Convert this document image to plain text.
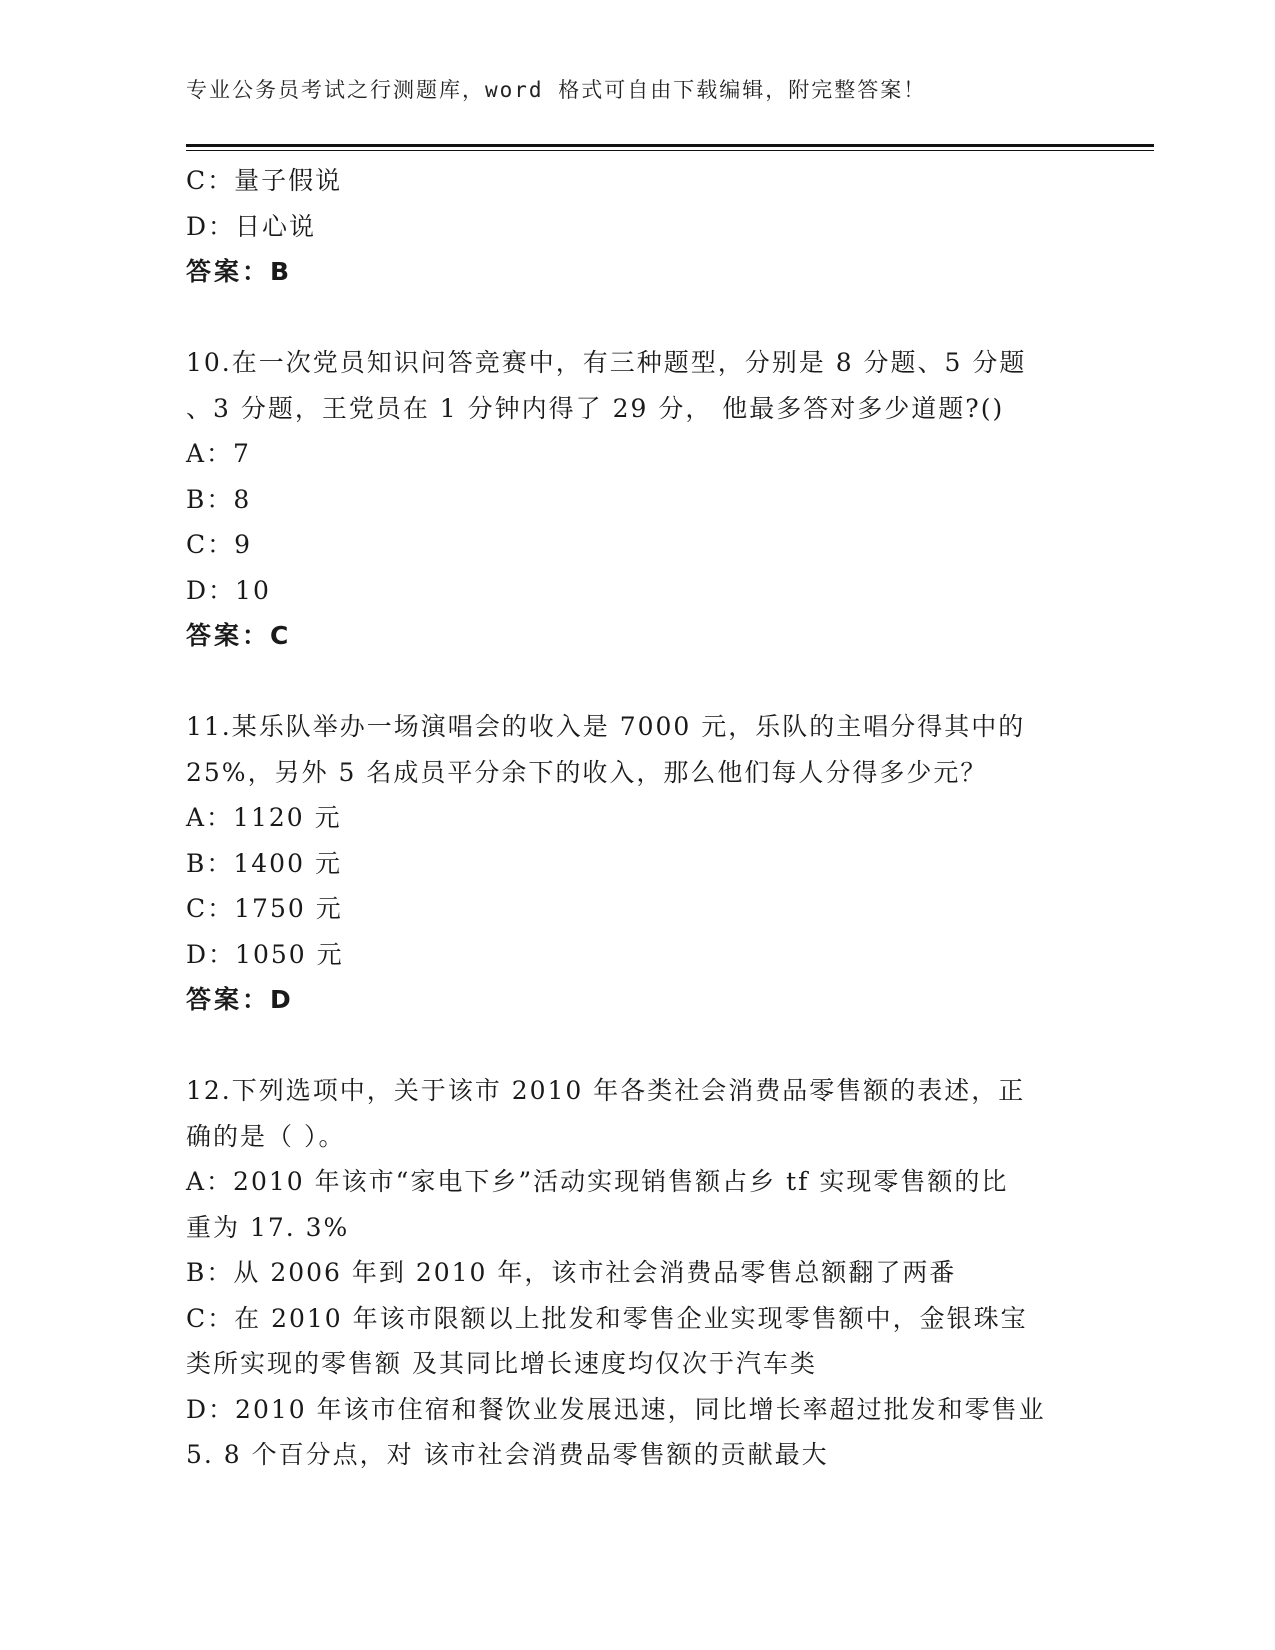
专业公务员考试之行测题库，word 格式可自由下载编辑，附完整答案！
C：量子假说
D：日心说
答案：B
10.在一次党员知识问答竞赛中，有三种题型，分别是 8 分题、5 分题
、3 分题，王党员在 1 分钟内得了 29 分， 他最多答对多少道题?()
A：7
B：8
C：9
D：10
答案：C
11.某乐队举办一场演唱会的收入是 7000 元，乐队的主唱分得其中的
25%，另外 5 名成员平分余下的收入，那么他们每人分得多少元？
A：1120 元
B：1400 元
C：1750 元
D：1050 元
答案：D
12.下列选项中，关于该市 2010 年各类社会消费品零售额的表述，正
确的是（ ）。
A：2010 年该市“家电下乡”活动实现销售额占乡 tf 实现零售额的比
重为 17. 3%
B：从 2006 年到 2010 年，该市社会消费品零售总额翻了两番
C：在 2010 年该市限额以上批发和零售企业实现零售额中，金银珠宝
类所实现的零售额 及其同比增长速度均仅次于汽车类
D：2010 年该市住宿和餐饮业发展迅速，同比增长率超过批发和零售业
5. 8 个百分点，对 该市社会消费品零售额的贡献最大
